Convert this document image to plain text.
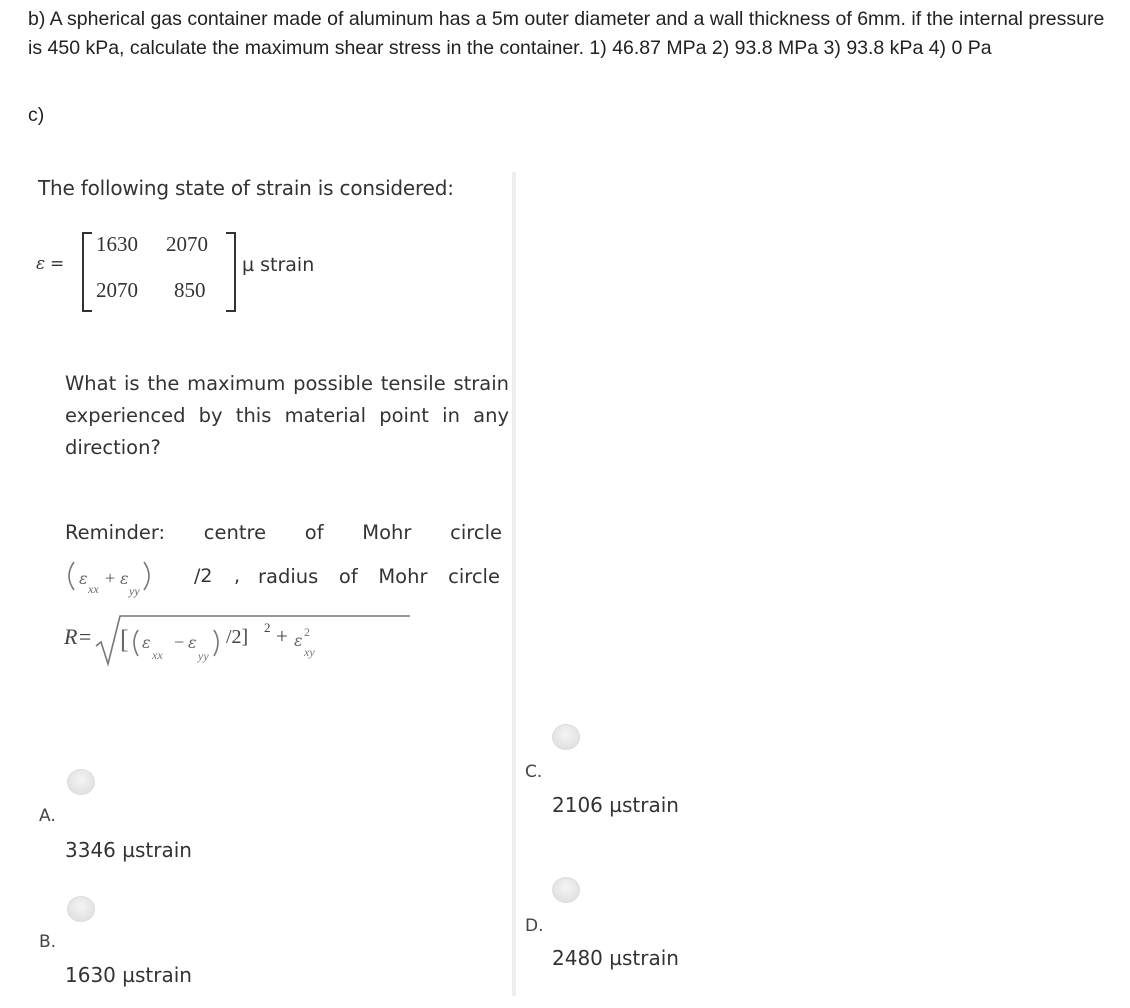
b) A spherical gas container made of aluminum has a 5m outer diameter and a wall thickness of 6mm. if the internal pressure is 450 kPa, calculate the maximum shear stress in the container. 1) 46.87 MPa 2) 93.8 MPa 3) 93.8 kPa 4) 0 Pa
c)
The following state of strain is considered:
ε =
1630 2070
2070 850
µ strain
What is the maximum possible tensile strain experienced by this material point in any direction?
Reminder: centre of Mohr circle
ε
xx
+ ε
yy
/2 , radius of Mohr circle
R= [ ε
xx
− ε
yy
/2] 2 + ε 2
xy
A.
3346 µstrain
B.
1630 µstrain
C.
2106 µstrain
D.
2480 µstrain
